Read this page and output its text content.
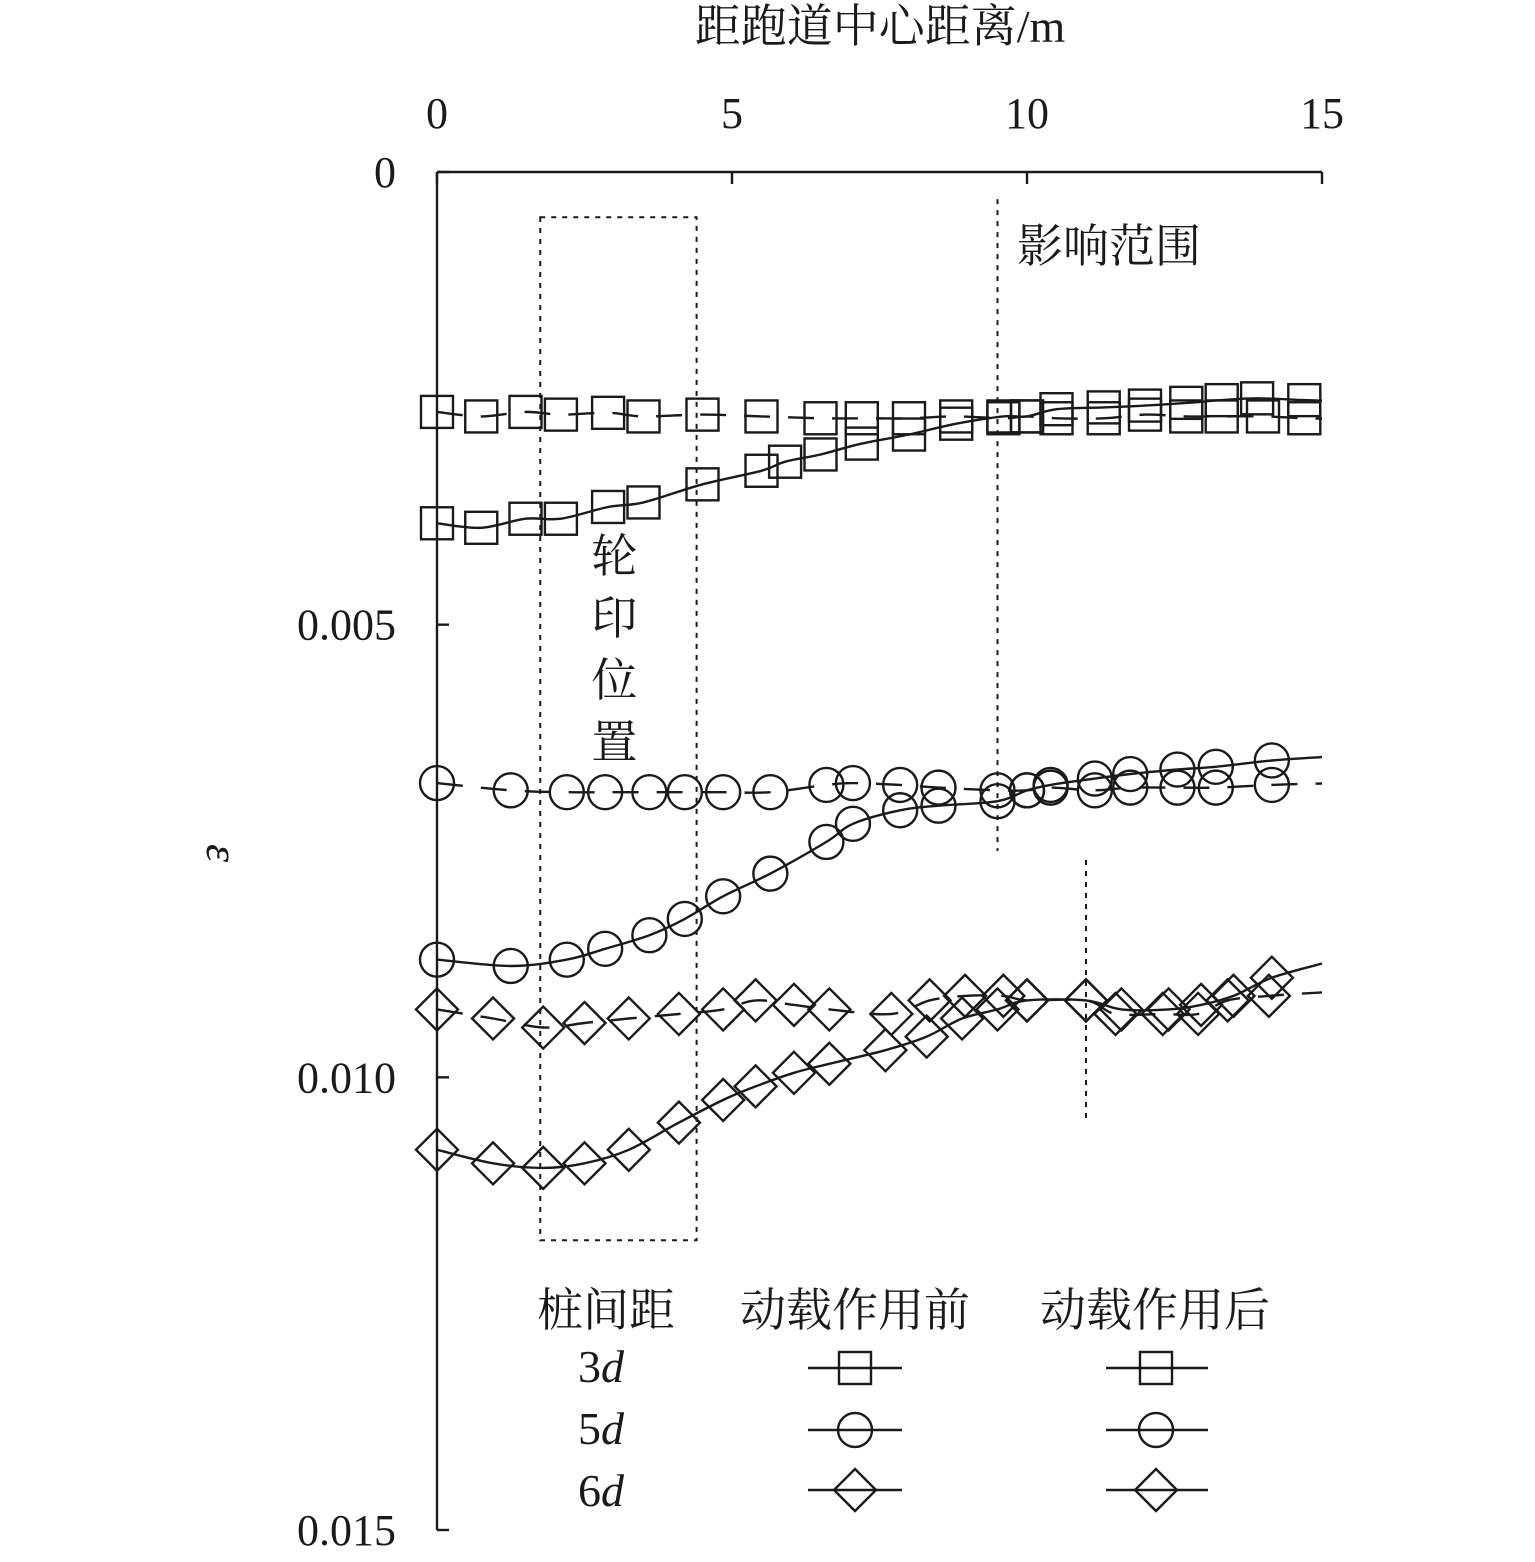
距跑道中心距离/m
ε
0	5	10	15
0
0.005
0.010
0.015
轮
印
位
置
影响范围
桩间距 动载作用前 动载作用后
3d
5d
6d
